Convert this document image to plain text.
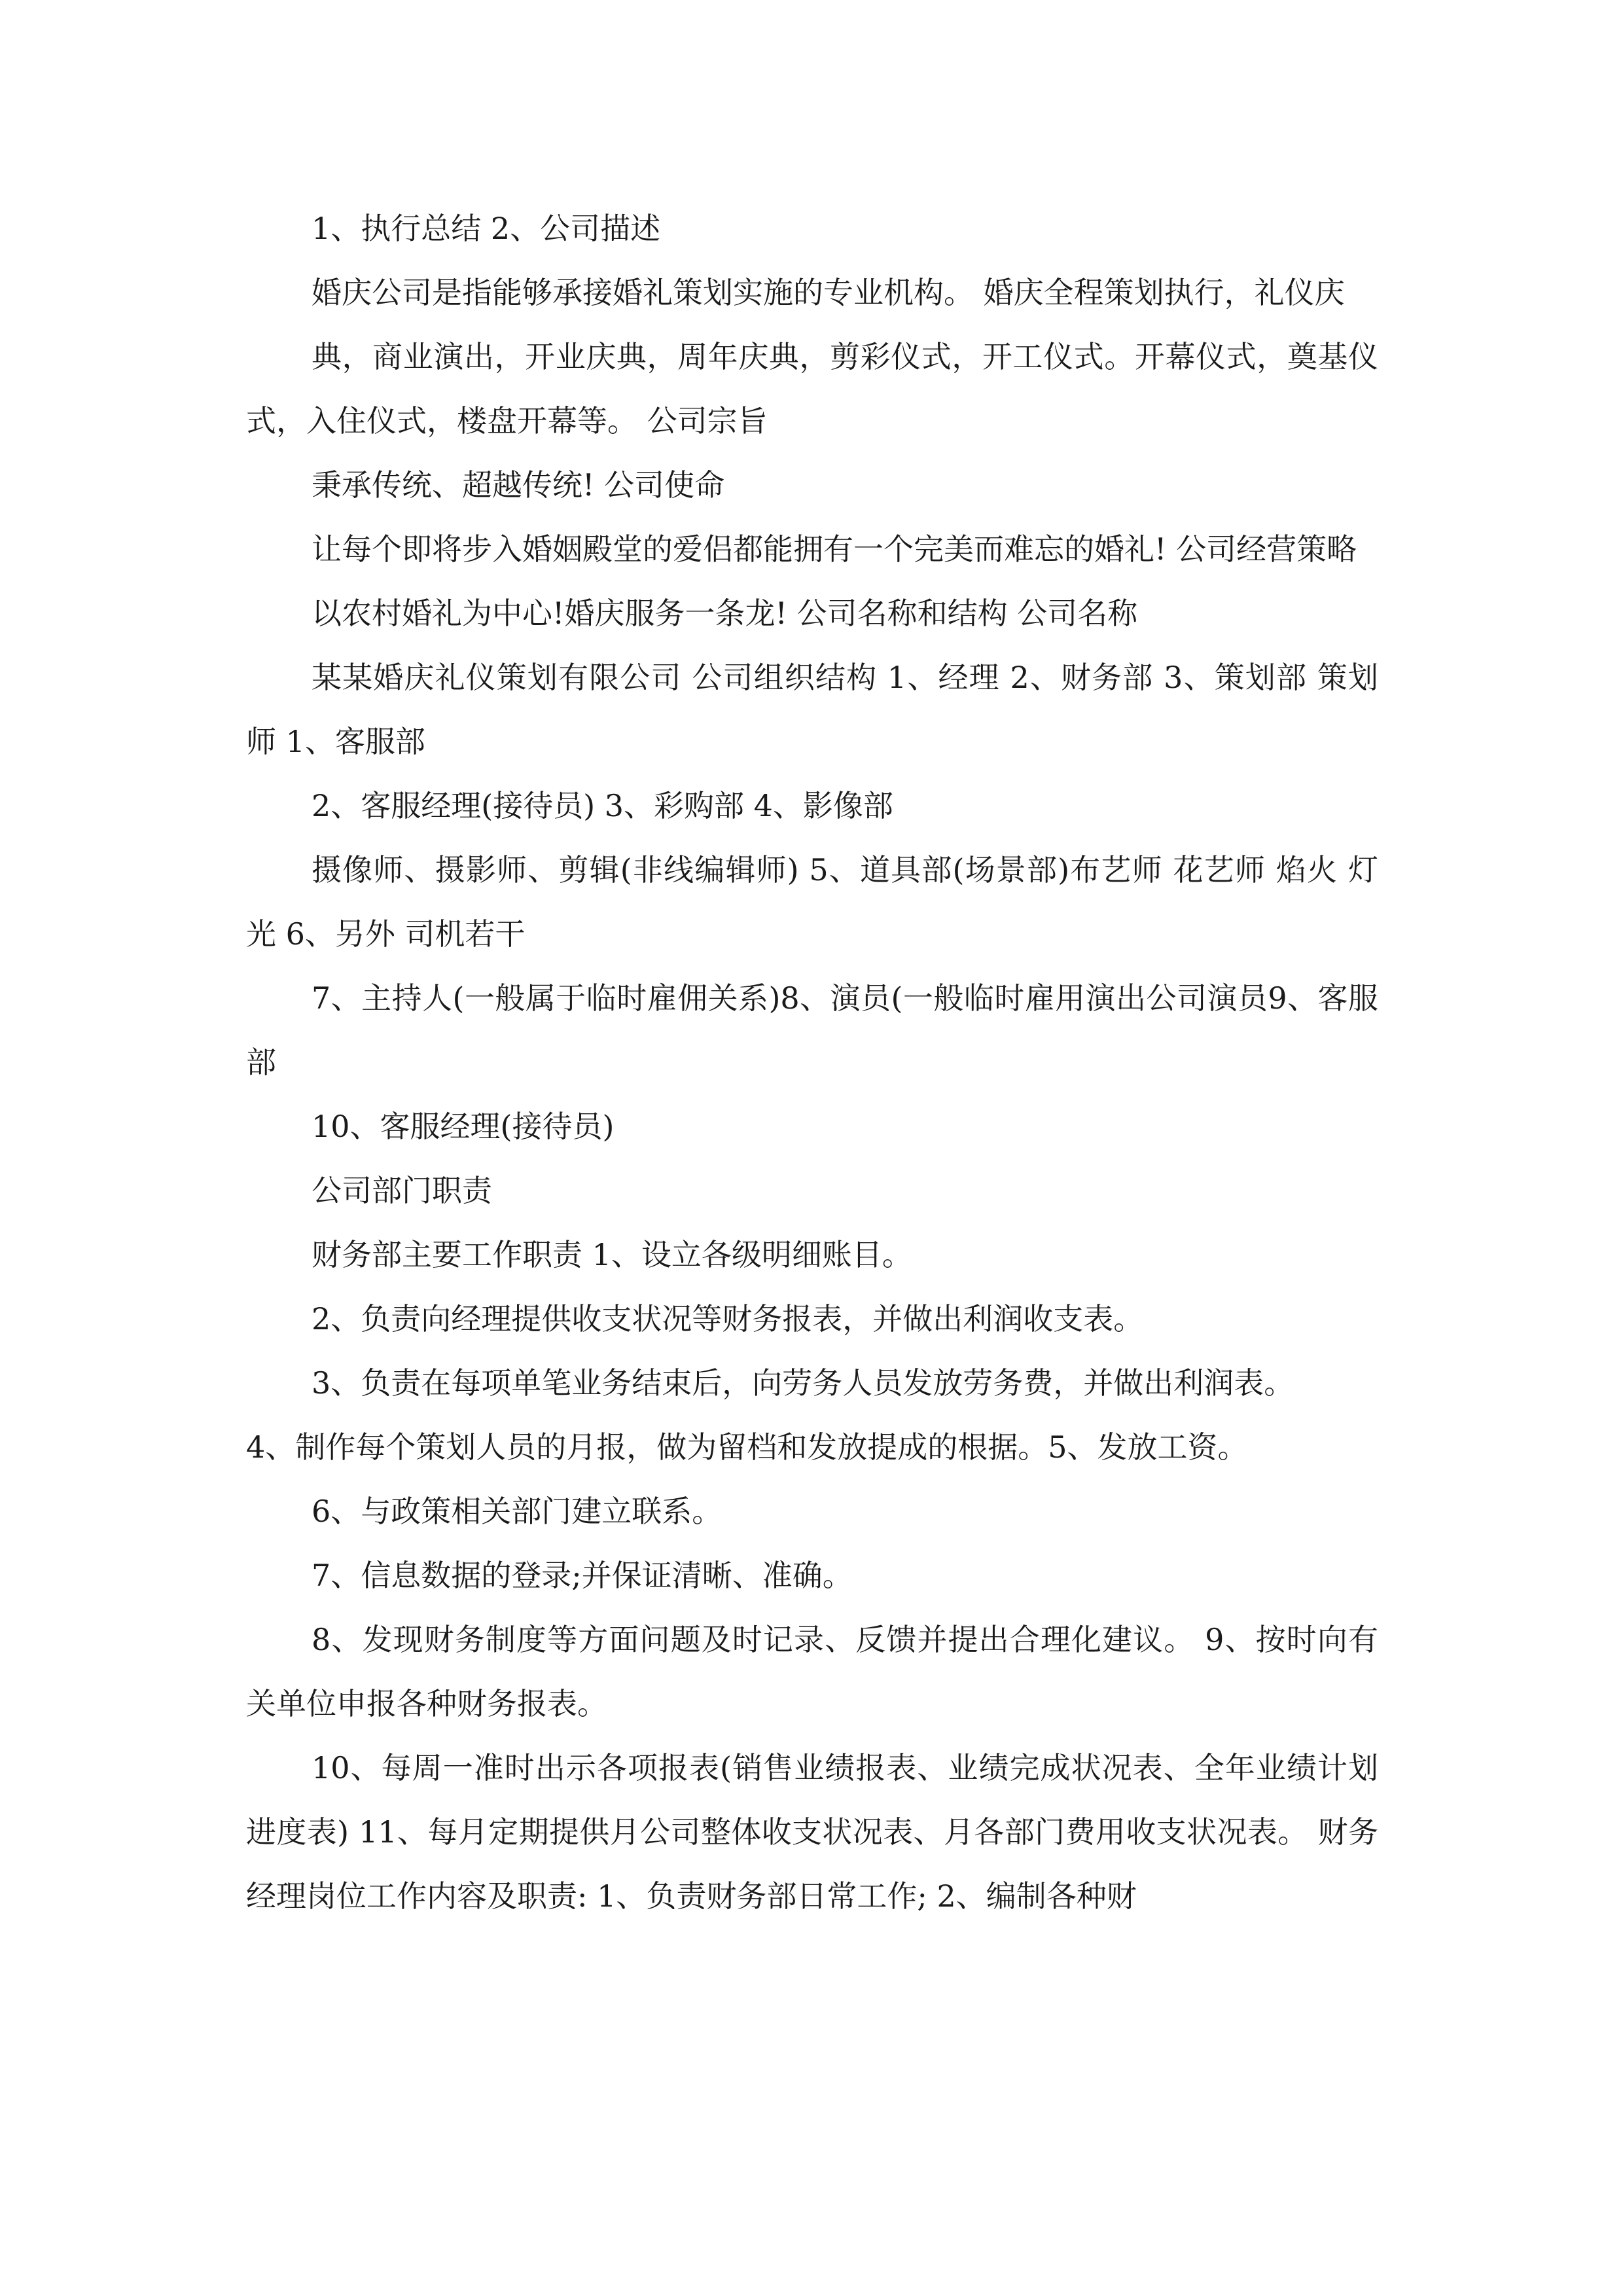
1、执行总结 2、公司描述

婚庆公司是指能够承接婚礼策划实施的专业机构。 婚庆全程策划执行，礼仪庆

典，商业演出，开业庆典，周年庆典，剪彩仪式，开工仪式。开幕仪式，奠基仪  式，入住仪式，楼盘开幕等。 公司宗旨

秉承传统、超越传统! 公司使命

让每个即将步入婚姻殿堂的爱侣都能拥有一个完美而难忘的婚礼! 公司经营策略

以农村婚礼为中心!婚庆服务一条龙! 公司名称和结构 公司名称

某某婚庆礼仪策划有限公司 公司组织结构 1、经理 2、财务部 3、策划部 策划师 1、客服部

2、客服经理(接待员) 3、彩购部 4、影像部

摄像师、摄影师、剪辑(非线编辑师) 5、道具部(场景部)布艺师 花艺师 焰火 灯光 6、另外 司机若干

7、主持人(一般属于临时雇佣关系)8、演员(一般临时雇用演出公司演员9、客服部

10、客服经理(接待员)

公司部门职责

财务部主要工作职责 1、设立各级明细账目。

2、负责向经理提供收支状况等财务报表，并做出利润收支表。

3、负责在每项单笔业务结束后，向劳务人员发放劳务费，并做出利润表。

4、制作每个策划人员的月报，做为留档和发放提成的根据。5、发放工资。

6、与政策相关部门建立联系。

7、信息数据的登录;并保证清晰、准确。

8、发现财务制度等方面问题及时记录、反馈并提出合理化建议。 9、按时向有关单位申报各种财务报表。

10、每周一准时出示各项报表(销售业绩报表、业绩完成状况表、全年业绩计划进度表) 11、每月定期提供月公司整体收支状况表、月各部门费用收支状况表。 财务经理岗位工作内容及职责: 1、负责财务部日常工作; 2、编制各种财
